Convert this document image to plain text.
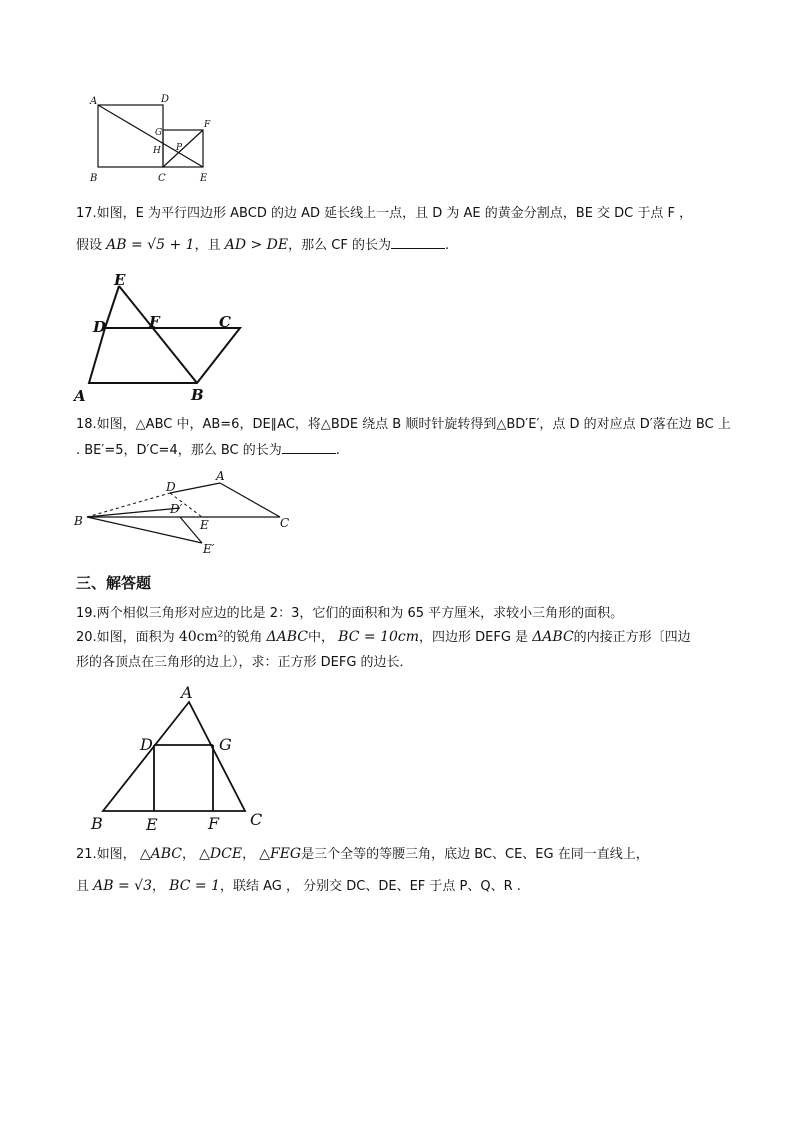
A	D
G
H P
F
B	C	E
17.如图，E 为平行四边形 ABCD 的边 AD 延长线上一点，且 D 为 AE 的黄金分割点，BE 交 DC 于点 F ，
假设 AB = √5 + 1，且 AD > DE，那么 CF 的长为	.
E
D	F	C
A	B
18.如图，△ABC 中，AB=6，DE∥AC，将△BDE 绕点 B 顺时针旋转得到△BD′E′，点 D 的对应点 D′落在边 BC 上
. BE′=5，D′C=4，那么 BC 的长为	.
A
D
D′
B	E	C
E′
三、解答题
19.两个相似三角形对应边的比是 2：3，它们的面积和为 65 平方厘米，求较小三角形的面积。
20.如图，面积为 40cm²的锐角 ΔABC中， BC = 10cm，四边形 DEFG 是 ΔABC的内接正方形〔四边
形的各顶点在三角形的边上），求：正方形 DEFG 的边长．
A
D	G
B	E	F C
21.如图， △ABC， △DCE， △FEG是三个全等的等腰三角，底边 BC、CE、EG 在同一直线上，
且 AB = √3， BC = 1，联结 AG ， 分别交 DC、DE、EF 于点 P、Q、R .
